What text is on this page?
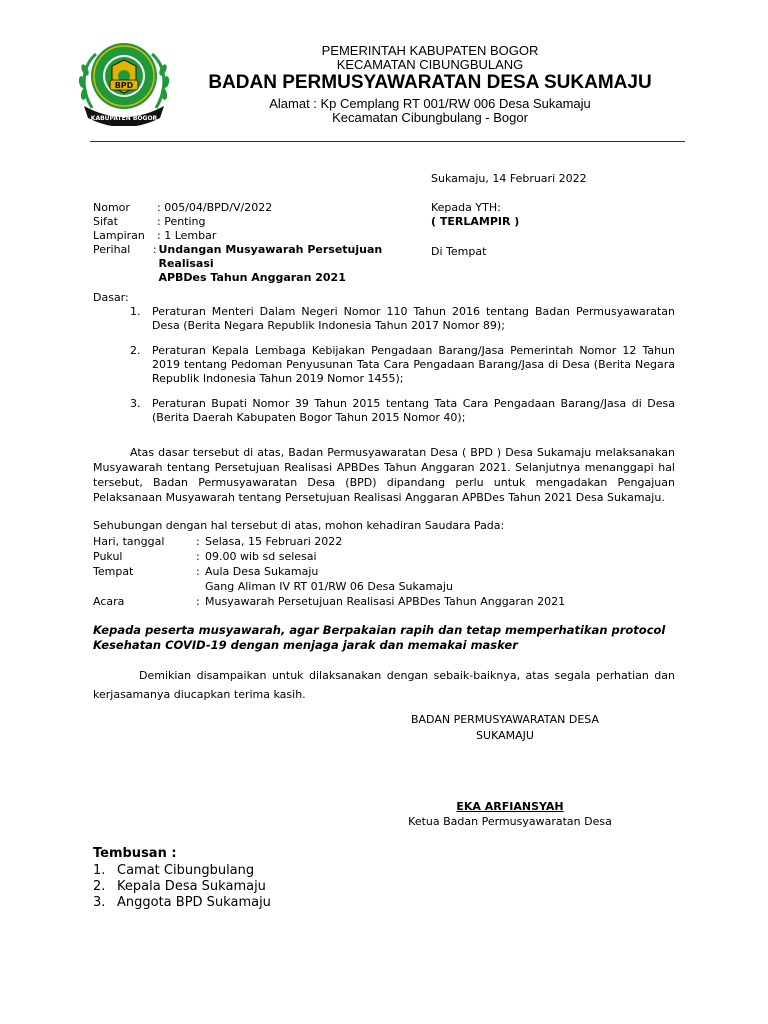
BPD
KABUPATEN BOGOR
PEMERINTAH KABUPATEN BOGOR
KECAMATAN CIBUNGBULANG
BADAN PERMUSYAWARATAN DESA SUKAMAJU
Alamat : Kp Cemplang RT 001/RW 006 Desa Sukamaju
Kecamatan Cibungbulang - Bogor
Sukamaju, 14 Februari 2022
Nomor	: 005/04/BPD/V/2022
Sifat	: Penting
Lampiran	: 1 Lembar
Perihal	: Undangan Musyawarah Persetujuan Realisasi
APBDes Tahun Anggaran 2021
Kepada YTH:
( TERLAMPIR )
Di Tempat
Dasar:
1.	Peraturan Menteri Dalam Negeri Nomor 110 Tahun 2016 tentang Badan Permusyawaratan Desa (Berita Negara Republik Indonesia Tahun 2017 Nomor 89);
2.	Peraturan Kepala Lembaga Kebijakan Pengadaan Barang/Jasa Pemerintah Nomor 12 Tahun 2019 tentang Pedoman Penyusunan Tata Cara Pengadaan Barang/Jasa di Desa (Berita Negara Republik Indonesia Tahun 2019 Nomor 1455);
3.	Peraturan Bupati Nomor 39 Tahun 2015 tentang Tata Cara Pengadaan Barang/Jasa di Desa (Berita Daerah Kabupaten Bogor Tahun 2015 Nomor 40);
Atas dasar tersebut di atas, Badan Permusyawaratan Desa ( BPD ) Desa Sukamaju melaksanakan Musyawarah tentang Persetujuan Realisasi APBDes Tahun Anggaran 2021. Selanjutnya menanggapi hal tersebut, Badan Permusyawaratan Desa (BPD) dipandang perlu untuk mengadakan Pengajuan Pelaksanaan Musyawarah tentang Persetujuan Realisasi Anggaran APBDes Tahun 2021 Desa Sukamaju.
Sehubungan dengan hal tersebut di atas, mohon kehadiran Saudara Pada:
Hari, tanggal	: Selasa, 15 Februari 2022
Pukul	: 09.00 wib sd selesai
Tempat	: Aula Desa Sukamaju
Gang Aliman IV RT 01/RW 06 Desa Sukamaju
Acara	: Musyawarah Persetujuan Realisasi APBDes Tahun Anggaran 2021
Kepada peserta musyawarah, agar Berpakaian rapih dan tetap memperhatikan protocol Kesehatan COVID-19 dengan menjaga jarak dan memakai masker
Demikian disampaikan untuk dilaksanakan dengan sebaik-baiknya, atas segala perhatian dan kerjasamanya diucapkan terima kasih.
BADAN PERMUSYAWARATAN DESA
SUKAMAJU
EKA ARFIANSYAH
Ketua Badan Permusyawaratan Desa
Tembusan :
1. Camat Cibungbulang
2. Kepala Desa Sukamaju
3. Anggota BPD Sukamaju
